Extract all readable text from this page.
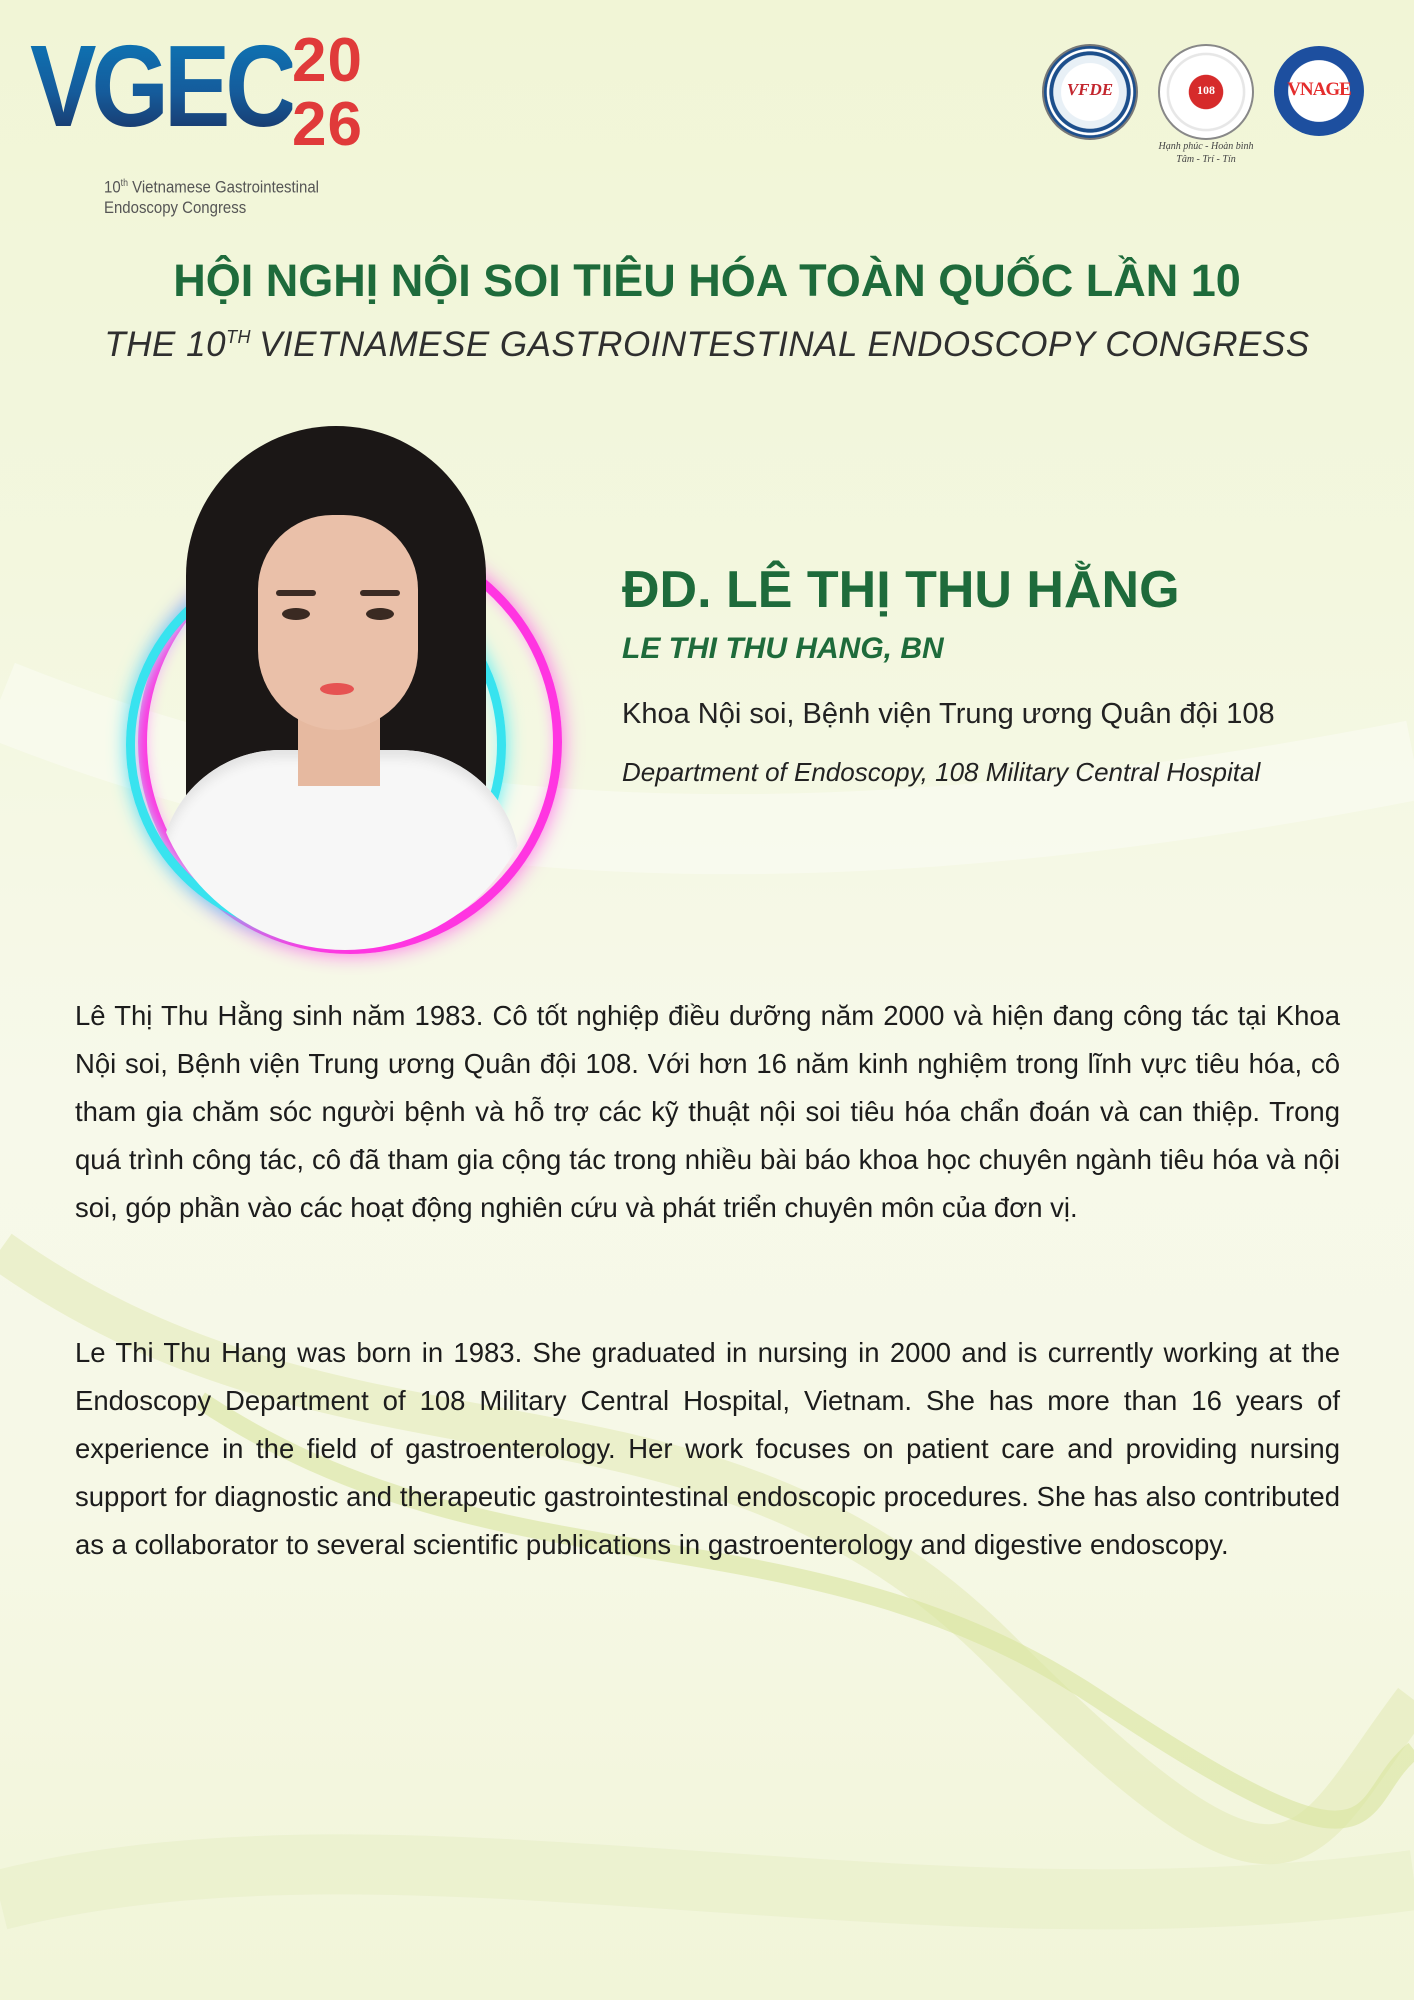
VGEC 20
26
10th Vietnamese Gastrointestinal
Endoscopy Congress
VFDE	108
Hạnh phúc - Hoàn bình
Tâm - Trí - Tín
VNAGE
HỘI NGHỊ NỘI SOI TIÊU HÓA TOÀN QUỐC LẦN 10
THE 10TH VIETNAMESE GASTROINTESTINAL ENDOSCOPY CONGRESS
ĐD. LÊ THỊ THU HẰNG
LE THI THU HANG, BN
Khoa Nội soi, Bệnh viện Trung ương Quân đội 108
Department of Endoscopy, 108 Military Central Hospital
Lê Thị Thu Hằng sinh năm 1983. Cô tốt nghiệp điều dưỡng năm 2000 và hiện đang công tác tại Khoa Nội soi, Bệnh viện Trung ương Quân đội 108. Với hơn 16 năm kinh nghiệm trong lĩnh vực tiêu hóa, cô tham gia chăm sóc người bệnh và hỗ trợ các kỹ thuật nội soi tiêu hóa chẩn đoán và can thiệp. Trong quá trình công tác, cô đã tham gia cộng tác trong nhiều bài báo khoa học chuyên ngành tiêu hóa và nội soi, góp phần vào các hoạt động nghiên cứu và phát triển chuyên môn của đơn vị.
Le Thi Thu Hang was born in 1983. She graduated in nursing in 2000 and is currently working at the Endoscopy Department of 108 Military Central Hospital, Vietnam. She has more than 16 years of experience in the field of gastroenterology. Her work focuses on patient care and providing nursing support for diagnostic and therapeutic gastrointestinal endoscopic procedures. She has also contributed as a collaborator to several scientific publications in gastroenterology and digestive endoscopy.
